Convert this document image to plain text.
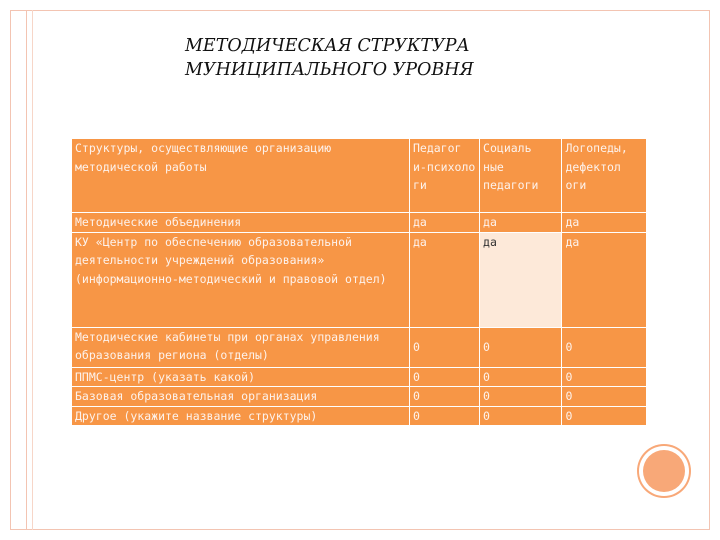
МЕТОДИЧЕСКАЯ СТРУКТУРА
МУНИЦИПАЛЬНОГО УРОВНЯ
Структуры, осуществляющие организацию методической работы	Педагог и-психоло ги	Социаль ные педагоги	Логопеды, дефектол оги
Методические объединения	да	да	да
КУ «Центр по обеспечению образовательной деятельности учреждений образования» (информационно-методический и правовой отдел)	да	да	да
Методические кабинеты при органах управления образования региона (отделы)	0	0	0
ППМС-центр (указать какой)	0	0	0
Базовая образовательная организация	0	0	0
Другое (укажите название структуры)	0	0	0
